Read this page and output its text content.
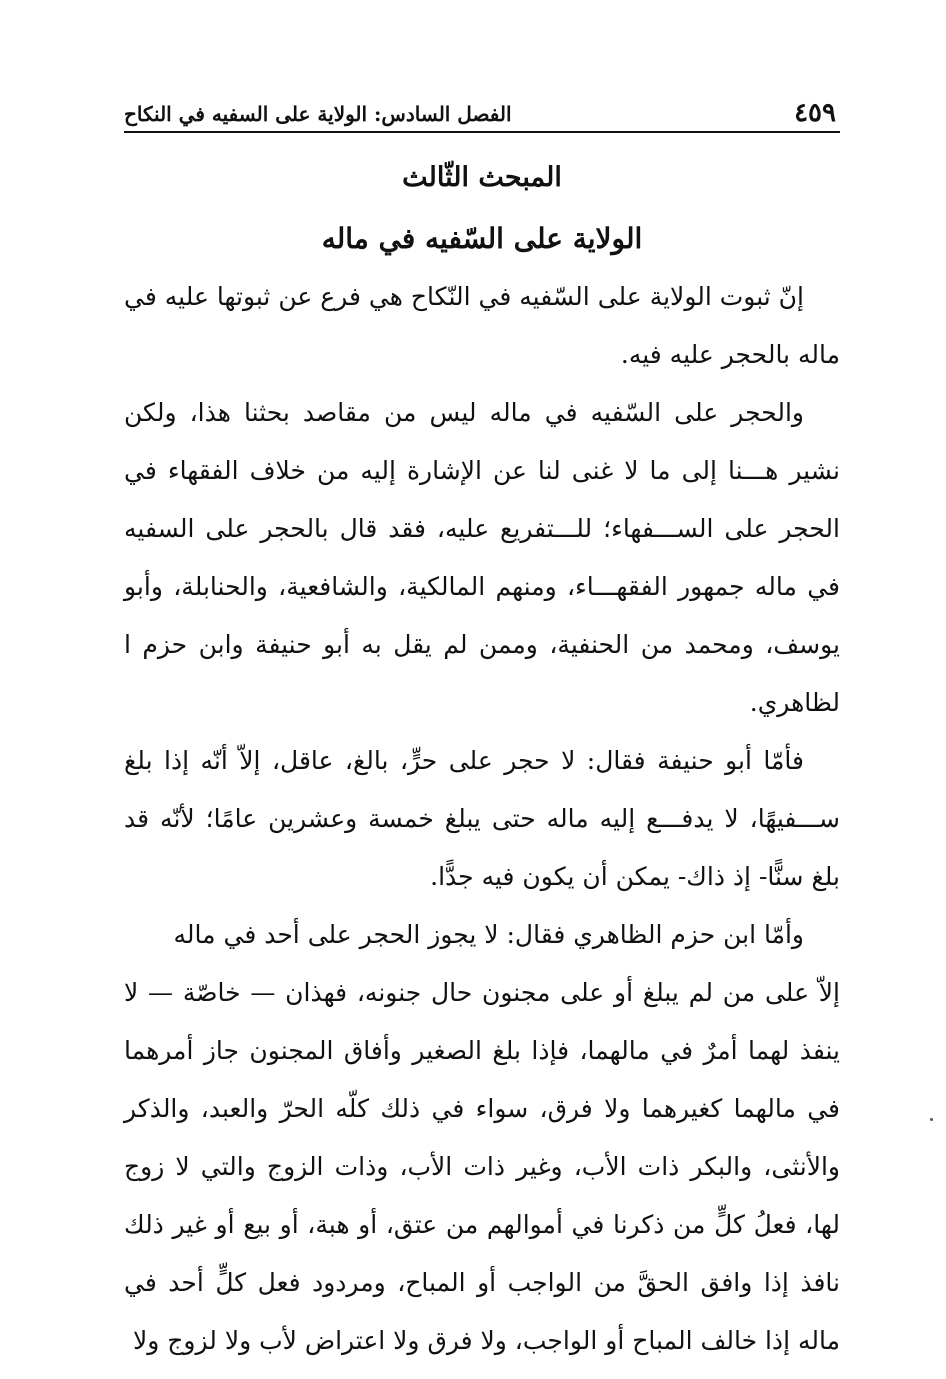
٤٥٩
الفصل السادس: الولاية على السفيه في النكاح
المبحث الثّالث
الولاية على السّفيه في ماله

إنّ ثبوت الولاية على السّفيه في النّكاح هي فرع عن ثبوتها عليه في ماله بالحجر عليه فيه.

والحجر على السّفيه في ماله ليس من مقاصد بحثنا هذا، ولكن نشير هـــنا إلى ما لا غنى لنا عن الإشارة إليه من خلاف الفقهاء في الحجر على الســـفهاء؛ للـــتفريع عليه، فقد قال بالحجر على السفيه في ماله جمهور الفقهـــاء، ومنهم المالكية، والشافعية، والحنابلة، وأبو يوسف، ومحمد من الحنفية، وممن لم يقل به أبو حنيفة وابن حزم ا لظاهري.

فأمّا أبو حنيفة فقال: لا حجر على حرٍّ، بالغ، عاقل، إلاّ أنّه إذا بلغ ســـفيهًا، لا يدفـــع إليه ماله حتى يبلغ خمسة وعشرين عامًا؛ لأنّه قد بلغ سنًّا- إذ ذاك- يمكن أن يكون فيه جدًّا.

وأمّا ابن حزم الظاهري فقال: لا يجوز الحجر على أحد في ماله

إلاّ على من لم يبلغ أو على مجنون حال جنونه، فهذان — خاصّة — لا ينفذ لهما أمرٌ في مالهما، فإذا بلغ الصغير وأفاق المجنون جاز أمرهما في مالهما كغيرهما ولا فرق، سواء في ذلك كلّه الحرّ والعبد، والذكر والأنثى، والبكر ذات الأب، وغير ذات الأب، وذات الزوج والتي لا زوج لها، فعلُ كلٍّ من ذكرنا في أموالهم من عتق، أو هبة، أو بيع أو غير ذلك نافذ إذا وافق الحقَّ من الواجب أو المباح، ومردود فعل كلٍّ أحد في ماله إذا خالف المباح أو الواجب، ولا فرق ولا اعتراض لأب ولا لزوج ولا
